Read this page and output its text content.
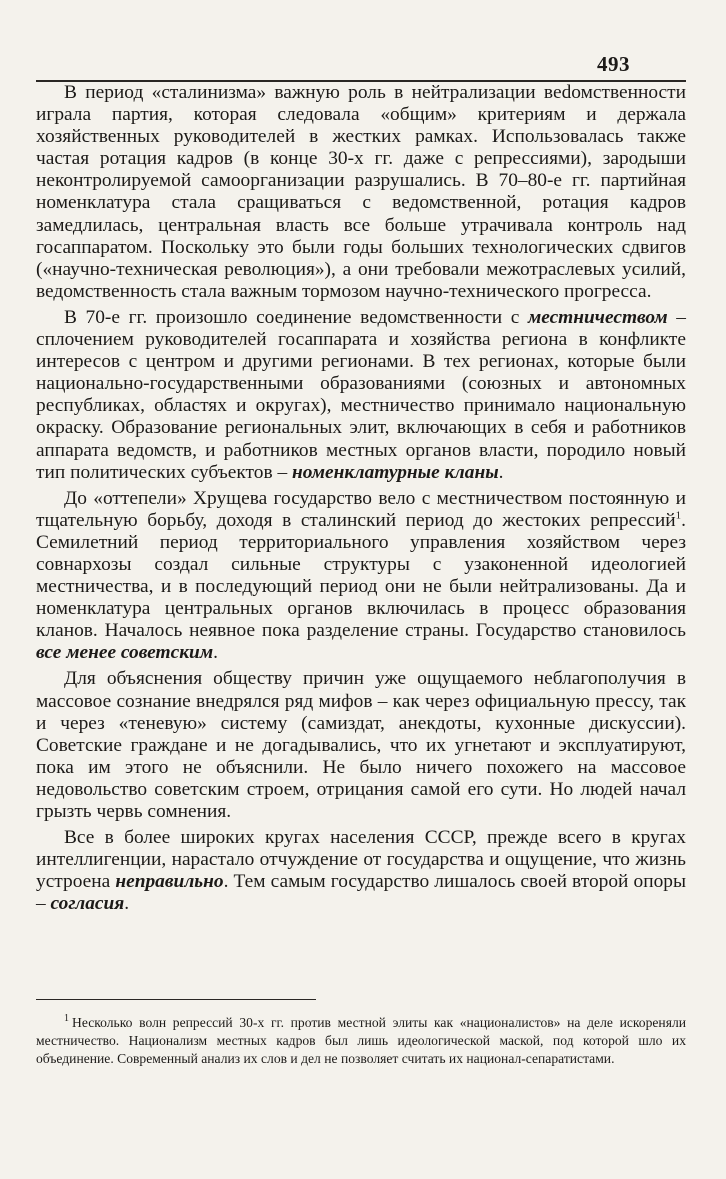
493

В период «сталинизма» важную роль в нейтрализации веdомственности играла партия, которая следовала «общим» критериям и держала хозяйственных руководителей в жестких рамках. Использовалась также частая ротация кадров (в конце 30-х гг. даже с репрессиями), зародыши неконтролируемой самоорганизации разрушались. В 70–80-е гг. партийная номенклатура стала сращиваться с ведомственной, ротация кадров замедлилась, центральная власть все больше утрачивала контроль над госаппаратом. Поскольку это были годы больших технологических сдвигов («научно-техническая революция»), а они требовали межотраслевых усилий, ведомственность стала важным тормозом научно-технического прогресса.

В 70-е гг. произошло соединение ведомственности с местничеством – сплочением руководителей госаппарата и хозяйства региона в конфликте интересов с центром и другими регионами. В тех регионах, которые были национально-государственными образованиями (союзных и автономных республиках, областях и округах), местничество принимало национальную окраску. Образование региональных элит, включающих в себя и работников аппарата ведомств, и работников местных органов власти, породило новый тип политических субъектов – номенклатурные кланы.

До «оттепели» Хрущева государство вело с местничеством постоянную и тщательную борьбу, доходя в сталинский период до жестоких репрессий$^1$. Семилетний период территориального управления хозяйством через совнархозы создал сильные структуры с узаконенной идеологией местничества, и в последующий период они не были нейтрализованы. Да и номенклатура центральных органов включилась в процесс образования кланов. Началось неявное пока разделение страны. Государство становилось все менее советским.

Для объяснения обществу причин уже ощущаемого неблагополучия в массовое сознание внедрялся ряд мифов – как через официальную прессу, так и через «теневую» систему (самиздат, анекдоты, кухонные дискуссии). Советские граждане и не догадывались, что их угнетают и эксплуатируют, пока им этого не объяснили. Не было ничего похожего на массовое недовольство советским строем, отрицания самой его сути. Но людей начал грызть червь сомнения.

Все в более широких кругах населения СССР, прежде всего в кругах интеллигенции, нарастало отчуждение от государства и ощущение, что жизнь устроена неправильно. Тем самым государство лишалось своей второй опоры – согласия.

$^1$ Несколько волн репрессий 30-х гг. против местной элиты как «националистов» на деле искореняли местничество. Национализм местных кадров был лишь идеологической маской, под которой шло их объединение. Современный анализ их слов и дел не позволяет считать их национал-сепаратистами.
